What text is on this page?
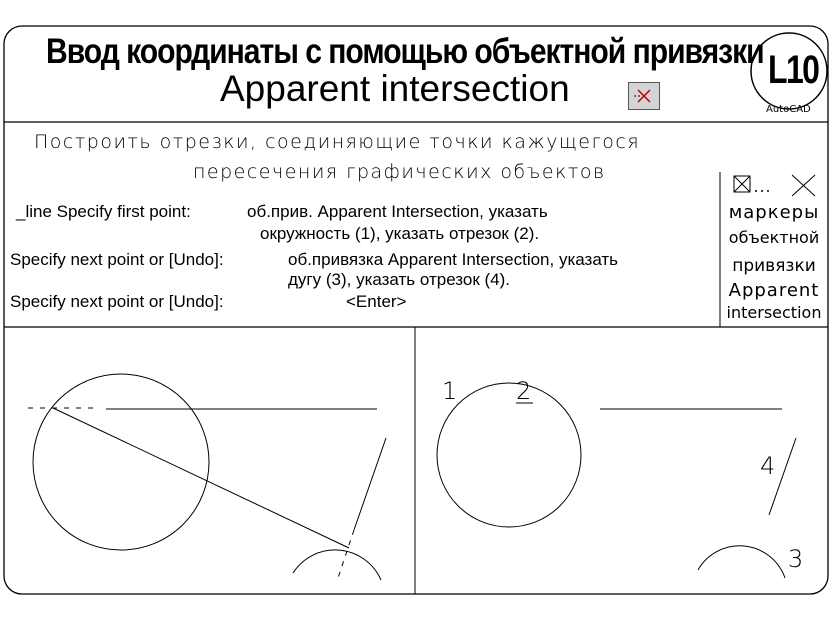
Ввод координаты с помощью объектной привязки
Apparent intersection	L10
AutoCAD
Построить отрезки, соединяющие точки кажущегося
пересечения графических объектов
_line Specify first point:	об.прив. Apparent Intersection, указать
окружность (1), указать отрезок (2).
Specify next point or [Undo]:	об.привязка Apparent Intersection, указать
дугу (3), указать отрезок (4).
Specify next point or [Undo]:	<Enter>
маркеры
объектной
привязки
Apparent
intersection
1 2
3
4
